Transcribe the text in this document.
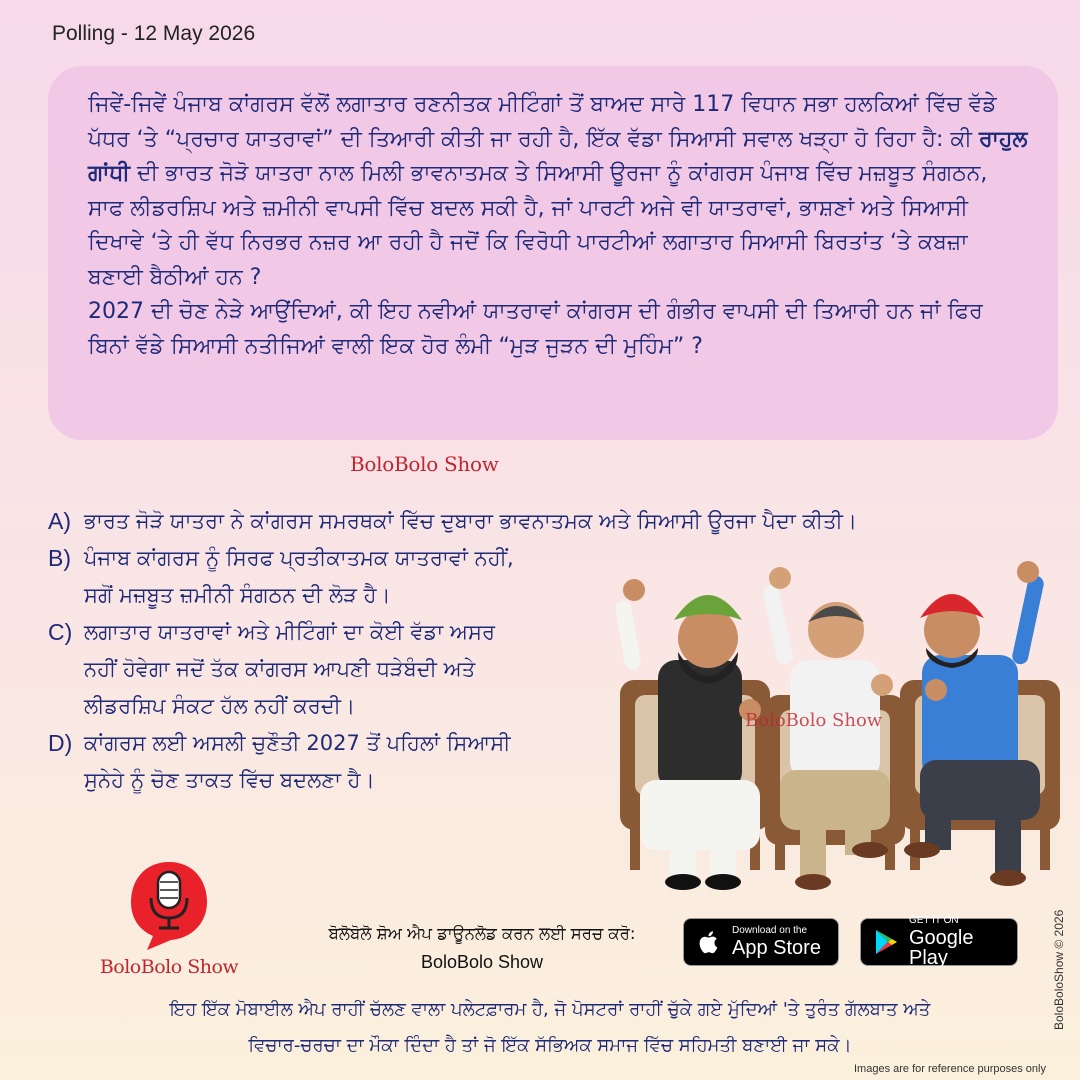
Polling - 12 May 2026

ਜਿਵੇਂ-ਜਿਵੇਂ ਪੰਜਾਬ ਕਾਂਗਰਸ ਵੱਲੋਂ ਲਗਾਤਾਰ ਰਣਨੀਤਕ ਮੀਟਿੰਗਾਂ ਤੋਂ ਬਾਅਦ ਸਾਰੇ 117 ਵਿਧਾਨ ਸਭਾ ਹਲਕਿਆਂ ਵਿੱਚ ਵੱਡੇ ਪੱਧਰ ‘ਤੇ “ਪ੍ਰਚਾਰ ਯਾਤਰਾਵਾਂ” ਦੀ ਤਿਆਰੀ ਕੀਤੀ ਜਾ ਰਹੀ ਹੈ, ਇੱਕ ਵੱਡਾ ਸਿਆਸੀ ਸਵਾਲ ਖੜ੍ਹਾ ਹੋ ਰਿਹਾ ਹੈ: ਕੀ ਰਾਹੁਲ ਗਾਂਧੀ ਦੀ ਭਾਰਤ ਜੋੜੋ ਯਾਤਰਾ ਨਾਲ ਮਿਲੀ ਭਾਵਨਾਤਮਕ ਤੇ ਸਿਆਸੀ ਊਰਜਾ ਨੂੰ ਕਾਂਗਰਸ ਪੰਜਾਬ ਵਿੱਚ ਮਜ਼ਬੂਤ ਸੰਗਠਨ, ਸਾਫ ਲੀਡਰਸ਼ਿਪ ਅਤੇ ਜ਼ਮੀਨੀ ਵਾਪਸੀ ਵਿੱਚ ਬਦਲ ਸਕੀ ਹੈ, ਜਾਂ ਪਾਰਟੀ ਅਜੇ ਵੀ ਯਾਤਰਾਵਾਂ, ਭਾਸ਼ਣਾਂ ਅਤੇ ਸਿਆਸੀ ਦਿਖਾਵੇ ‘ਤੇ ਹੀ ਵੱਧ ਨਿਰਭਰ ਨਜ਼ਰ ਆ ਰਹੀ ਹੈ ਜਦੋਂ ਕਿ ਵਿਰੋਧੀ ਪਾਰਟੀਆਂ ਲਗਾਤਾਰ ਸਿਆਸੀ ਬਿਰਤਾਂਤ ‘ਤੇ ਕਬਜ਼ਾ ਬਣਾਈ ਬੈਠੀਆਂ ਹਨ ?
2027 ਦੀ ਚੋਣ ਨੇੜੇ ਆਉਂਦਿਆਂ, ਕੀ ਇਹ ਨਵੀਆਂ ਯਾਤਰਾਵਾਂ ਕਾਂਗਰਸ ਦੀ ਗੰਭੀਰ ਵਾਪਸੀ ਦੀ ਤਿਆਰੀ ਹਨ ਜਾਂ ਫਿਰ ਬਿਨਾਂ ਵੱਡੇ ਸਿਆਸੀ ਨਤੀਜਿਆਂ ਵਾਲੀ ਇਕ ਹੋਰ ਲੰਮੀ “ਮੁੜ ਜੁੜਨ ਦੀ ਮੁਹਿੰਮ” ?

BoloBolo Show
A) ਭਾਰਤ ਜੋੜੋ ਯਾਤਰਾ ਨੇ ਕਾਂਗਰਸ ਸਮਰਥਕਾਂ ਵਿੱਚ ਦੁਬਾਰਾ ਭਾਵਨਾਤਮਕ ਅਤੇ ਸਿਆਸੀ ਊਰਜਾ ਪੈਦਾ ਕੀਤੀ।
B) ਪੰਜਾਬ ਕਾਂਗਰਸ ਨੂੰ ਸਿਰਫ ਪ੍ਰਤੀਕਾਤਮਕ ਯਾਤਰਾਵਾਂ ਨਹੀਂ,
ਸਗੋਂ ਮਜ਼ਬੂਤ ਜ਼ਮੀਨੀ ਸੰਗਠਨ ਦੀ ਲੋੜ ਹੈ।
C) ਲਗਾਤਾਰ ਯਾਤਰਾਵਾਂ ਅਤੇ ਮੀਟਿੰਗਾਂ ਦਾ ਕੋਈ ਵੱਡਾ ਅਸਰ
ਨਹੀਂ ਹੋਵੇਗਾ ਜਦੋਂ ਤੱਕ ਕਾਂਗਰਸ ਆਪਣੀ ਧੜੇਬੰਦੀ ਅਤੇ
ਲੀਡਰਸ਼ਿਪ ਸੰਕਟ ਹੱਲ ਨਹੀਂ ਕਰਦੀ।
D) ਕਾਂਗਰਸ ਲਈ ਅਸਲੀ ਚੁਣੌਤੀ 2027 ਤੋਂ ਪਹਿਲਾਂ ਸਿਆਸੀ
ਸੁਨੇਹੇ ਨੂੰ ਚੋਣ ਤਾਕਤ ਵਿੱਚ ਬਦਲਣਾ ਹੈ।
BoloBolo Show
BoloBolo Show
ਬੋਲੋਬੋਲੋ ਸ਼ੋਅ ਐਪ ਡਾਊਨਲੋਡ ਕਰਨ ਲਈ ਸਰਚ ਕਰੋ:
BoloBolo Show
Download on the
App Store
GET IT ON
Google Play
ਇਹ ਇੱਕ ਮੋਬਾਈਲ ਐਪ ਰਾਹੀਂ ਚੱਲਣ ਵਾਲਾ ਪਲੇਟਫ਼ਾਰਮ ਹੈ, ਜੋ ਪੋਸਟਰਾਂ ਰਾਹੀਂ ਚੁੱਕੇ ਗਏ ਮੁੱਦਿਆਂ 'ਤੇ ਤੁਰੰਤ ਗੱਲਬਾਤ ਅਤੇ
ਵਿਚਾਰ-ਚਰਚਾ ਦਾ ਮੌਕਾ ਦਿੰਦਾ ਹੈ ਤਾਂ ਜੋ ਇੱਕ ਸੱਭਿਅਕ ਸਮਾਜ ਵਿੱਚ ਸਹਿਮਤੀ ਬਣਾਈ ਜਾ ਸਕੇ।
BoloBoloShow © 2026
Images are for reference purposes only
